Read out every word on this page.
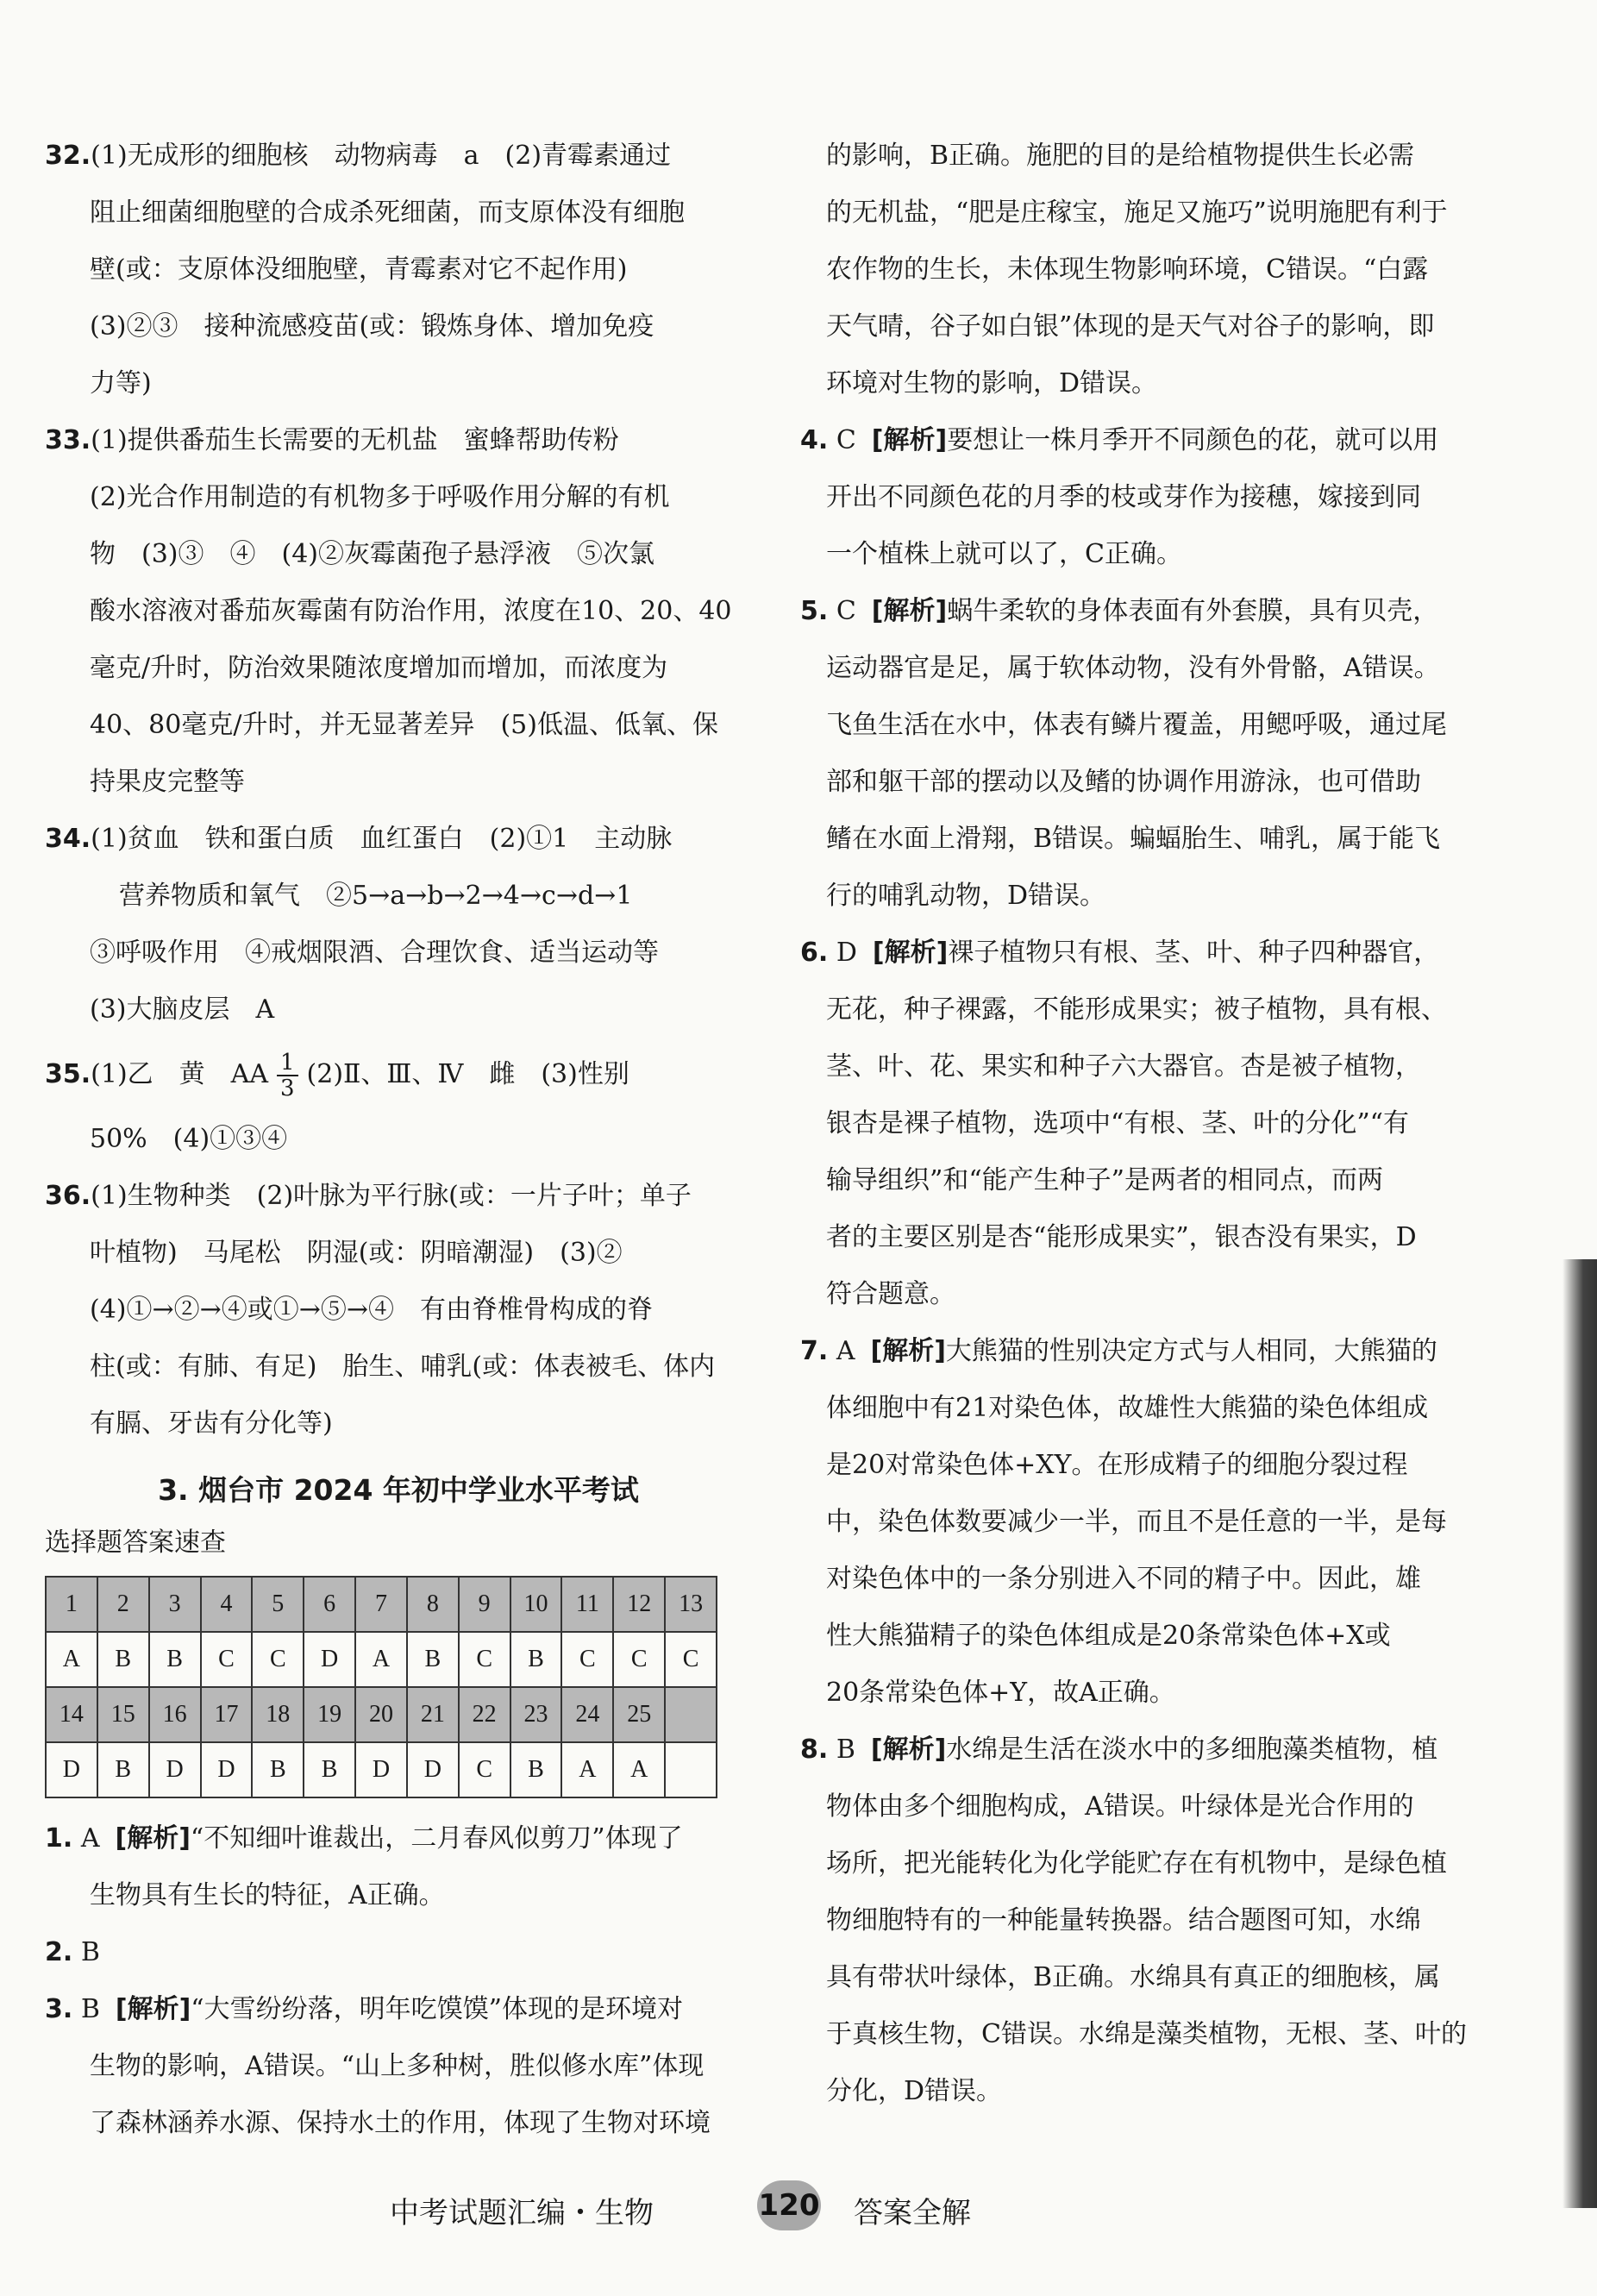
32.(1)无成形的细胞核　动物病毒　a　(2)青霉素通过

阻止细菌细胞壁的合成杀死细菌，而支原体没有细胞

壁(或：支原体没细胞壁，青霉素对它不起作用)

(3)②③　接种流感疫苗(或：锻炼身体、增加免疫

力等)

33.(1)提供番茄生长需要的无机盐　蜜蜂帮助传粉

(2)光合作用制造的有机物多于呼吸作用分解的有机

物　(3)③　④　(4)②灰霉菌孢子悬浮液　⑤次氯

酸水溶液对番茄灰霉菌有防治作用，浓度在10、20、40

毫克/升时，防治效果随浓度增加而增加，而浓度为

40、80毫克/升时，并无显著差异　(5)低温、低氧、保

持果皮完整等

34.(1)贫血　铁和蛋白质　血红蛋白　(2)①1　主动脉

营养物质和氧气　②5→a→b→2→4→c→d→1

③呼吸作用　④戒烟限酒、合理饮食、适当运动等

(3)大脑皮层　A

35.(1)乙　黄　AA $\frac{1}{3}$ (2)Ⅱ、Ⅲ、Ⅳ　雌　(3)性别

50%　(4)①③④

36.(1)生物种类　(2)叶脉为平行脉(或：一片子叶；单子

叶植物)　马尾松　阴湿(或：阴暗潮湿)　(3)②

(4)①→②→④或①→⑤→④　有由脊椎骨构成的脊

柱(或：有肺、有足)　胎生、哺乳(或：体表被毛、体内

有膈、牙齿有分化等)

3. 烟台市 2024 年初中学业水平考试
选择题答案速查
1	2	3	4	5	6	7	8	9	10	11	12	13
A	B	B	C	C	D	A	B	C	B	C	C	C
14	15	16	17	18	19	20	21	22	23	24	25	
D	B	D	D	B	B	D	D	C	B	A	A	

1. A [解析]“不知细叶谁裁出，二月春风似剪刀”体现了

生物具有生长的特征，A正确。

2. B

3. B [解析]“大雪纷纷落，明年吃馍馍”体现的是环境对

生物的影响，A错误。“山上多种树，胜似修水库”体现

了森林涵养水源、保持水土的作用，体现了生物对环境

的影响，B正确。施肥的目的是给植物提供生长必需

的无机盐，“肥是庄稼宝，施足又施巧”说明施肥有利于

农作物的生长，未体现生物影响环境，C错误。“白露

天气晴，谷子如白银”体现的是天气对谷子的影响，即

环境对生物的影响，D错误。

4. C [解析]要想让一株月季开不同颜色的花，就可以用

开出不同颜色花的月季的枝或芽作为接穗，嫁接到同

一个植株上就可以了，C正确。

5. C [解析]蜗牛柔软的身体表面有外套膜，具有贝壳，

运动器官是足，属于软体动物，没有外骨骼，A错误。

飞鱼生活在水中，体表有鳞片覆盖，用鳃呼吸，通过尾

部和躯干部的摆动以及鳍的协调作用游泳，也可借助

鳍在水面上滑翔，B错误。蝙蝠胎生、哺乳，属于能飞

行的哺乳动物，D错误。

6. D [解析]裸子植物只有根、茎、叶、种子四种器官，

无花，种子裸露，不能形成果实；被子植物，具有根、

茎、叶、花、果实和种子六大器官。杏是被子植物，

银杏是裸子植物，选项中“有根、茎、叶的分化”“有

输导组织”和“能产生种子”是两者的相同点，而两

者的主要区别是杏“能形成果实”，银杏没有果实，D

符合题意。

7. A [解析]大熊猫的性别决定方式与人相同，大熊猫的

体细胞中有21对染色体，故雄性大熊猫的染色体组成

是20对常染色体+XY。在形成精子的细胞分裂过程

中，染色体数要减少一半，而且不是任意的一半，是每

对染色体中的一条分别进入不同的精子中。因此，雄

性大熊猫精子的染色体组成是20条常染色体+X或

20条常染色体+Y，故A正确。

8. B [解析]水绵是生活在淡水中的多细胞藻类植物，植

物体由多个细胞构成，A错误。叶绿体是光合作用的

场所，把光能转化为化学能贮存在有机物中，是绿色植

物细胞特有的一种能量转换器。结合题图可知，水绵

具有带状叶绿体，B正确。水绵具有真正的细胞核，属

于真核生物，C错误。水绵是藻类植物，无根、茎、叶的

分化，D错误。

中考试题汇编・生物	120 答案全解
